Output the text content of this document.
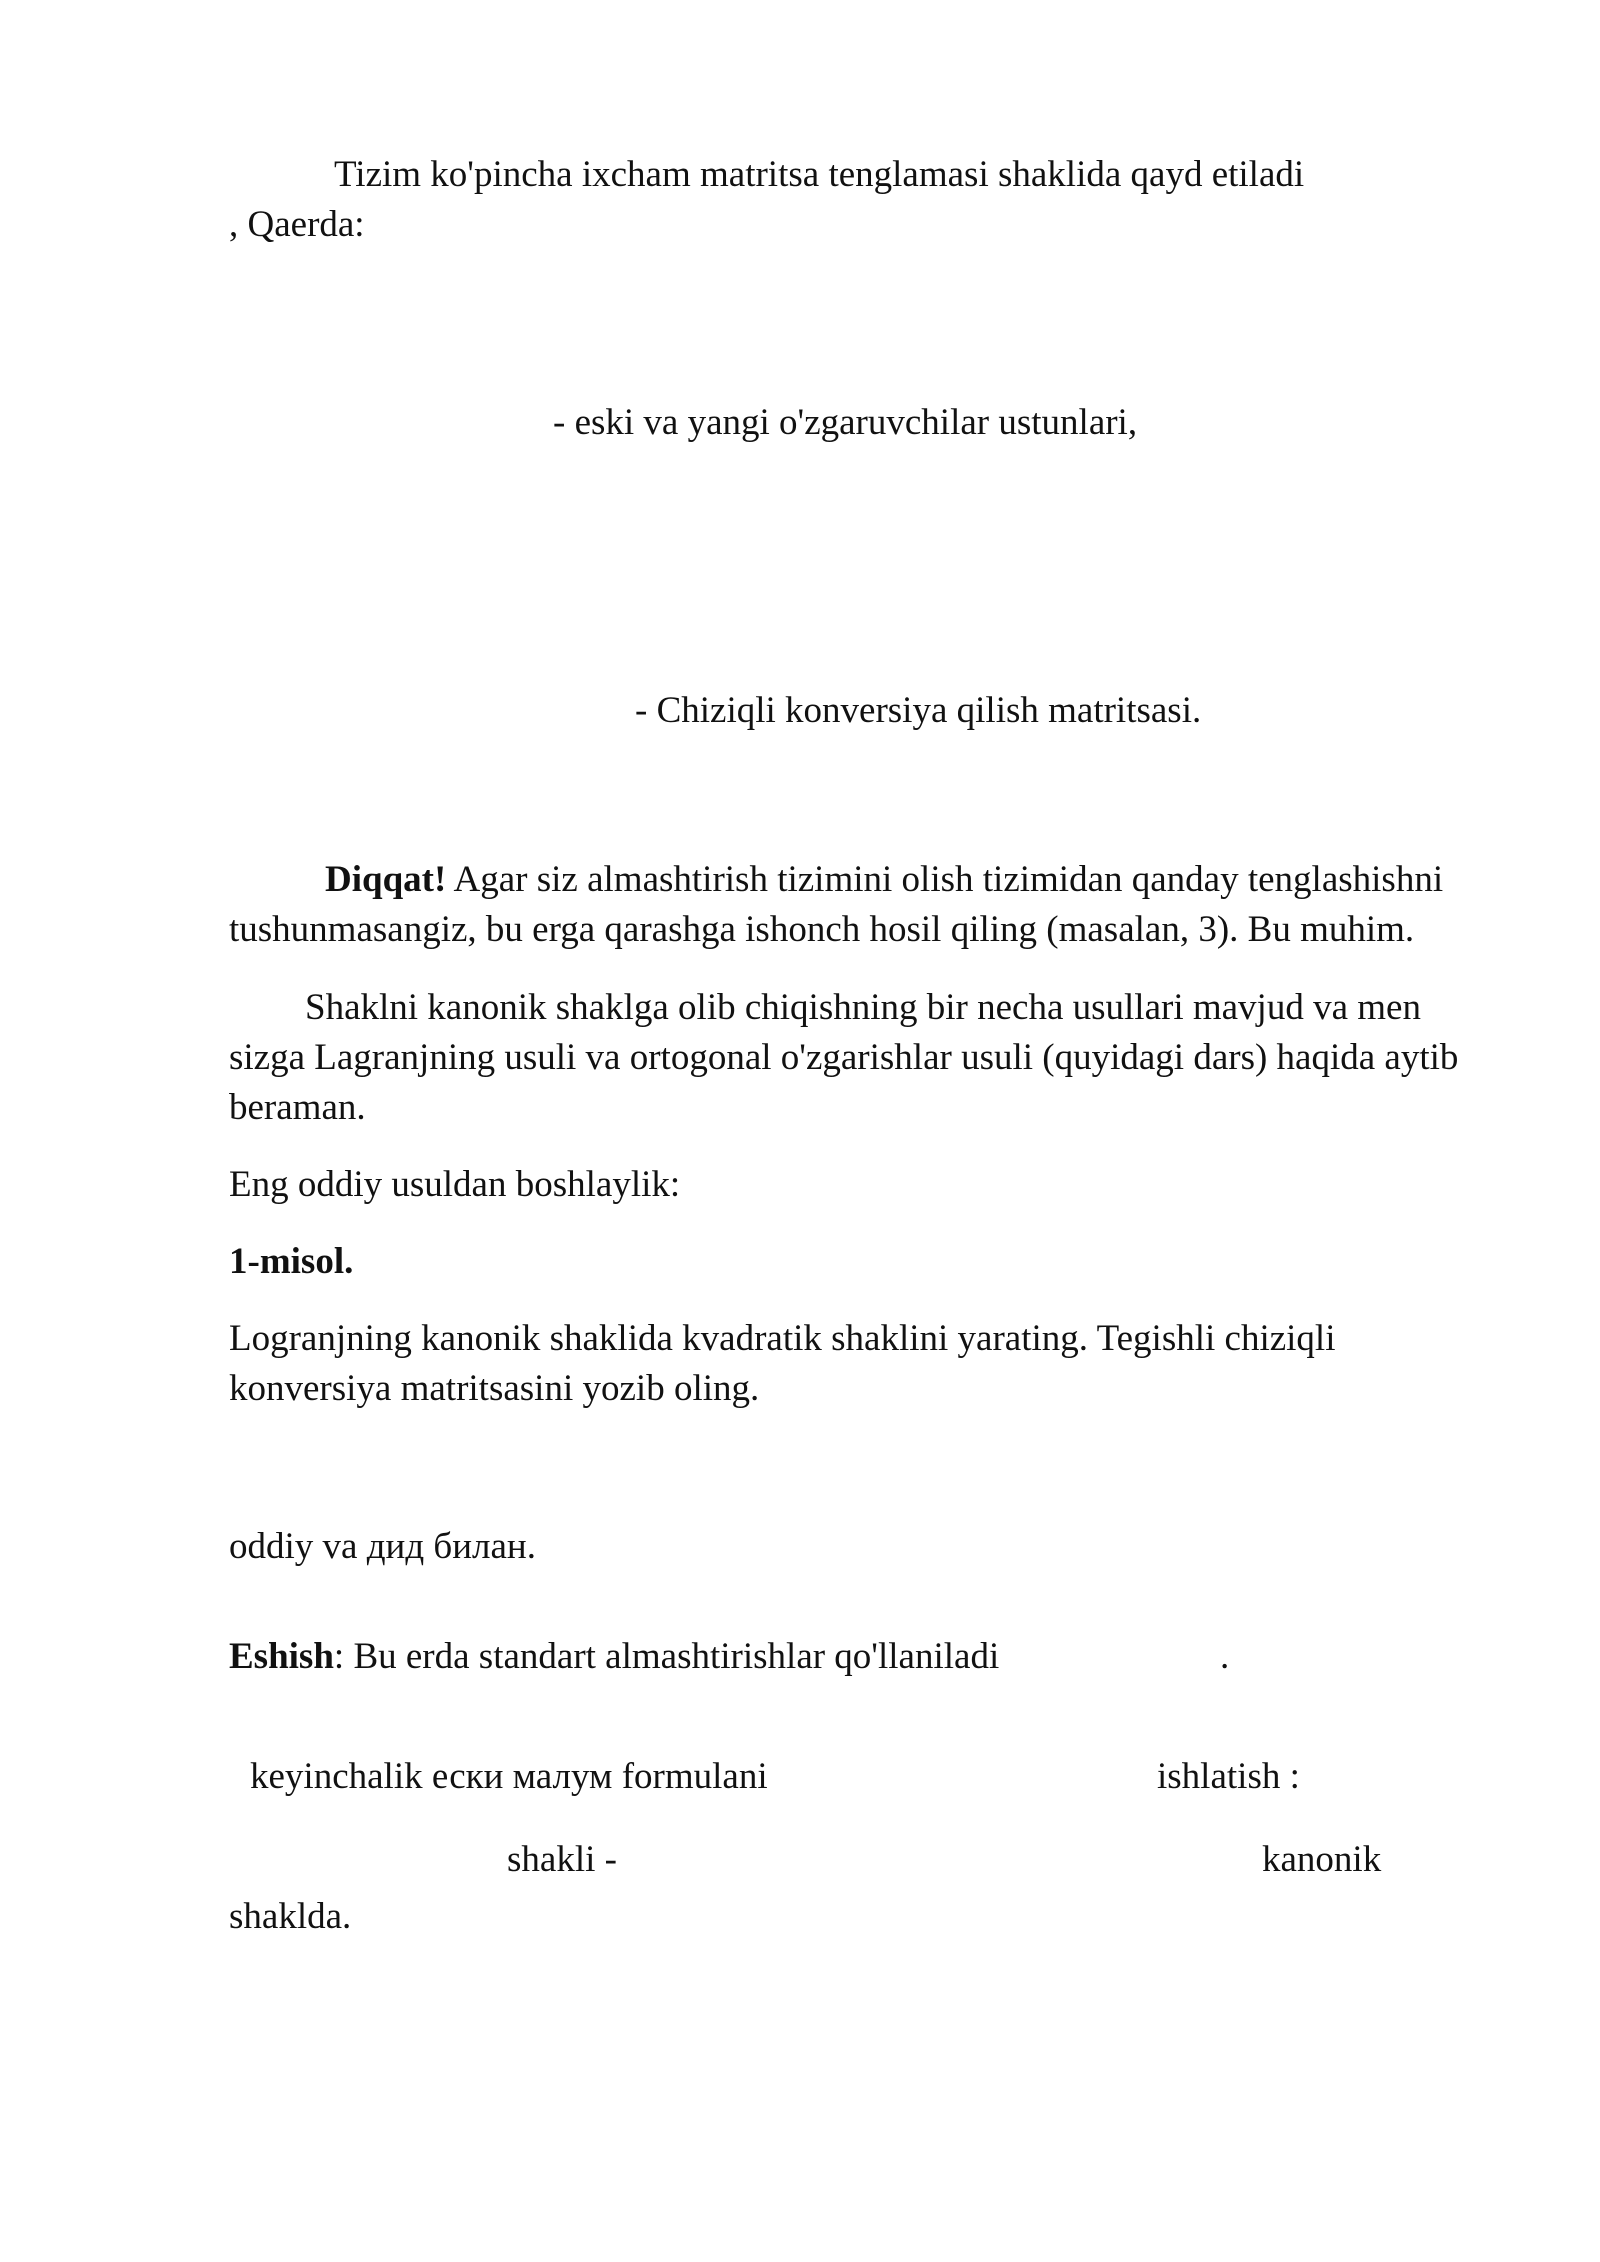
Tizim ko'pincha ixcham matritsa tenglamasi shaklida qayd etiladi
, Qaerda:
- eski va yangi o'zgaruvchilar ustunlari,
- Chiziqli konversiya qilish matritsasi.
Diqqat! Agar siz almashtirish tizimini olish tizimidan qanday tenglashishni
tushunmasangiz, bu erga qarashga ishonch hosil qiling (masalan, 3). Bu muhim.
Shaklni kanonik shaklga olib chiqishning bir necha usullari mavjud va men
sizga Lagranjning usuli va ortogonal o'zgarishlar usuli (quyidagi dars) haqida aytib
beraman.
Eng oddiy usuldan boshlaylik:
1-misol.
Logranjning kanonik shaklida kvadratik shaklini yarating. Tegishli chiziqli
konversiya matritsasini yozib oling.
oddiy va дид билан.
Eshish: Bu erda standart almashtirishlar qo'llaniladi	.
keyinchalik ески малум formulani	ishlatish :
shakli -	kanonik
shakldа.
